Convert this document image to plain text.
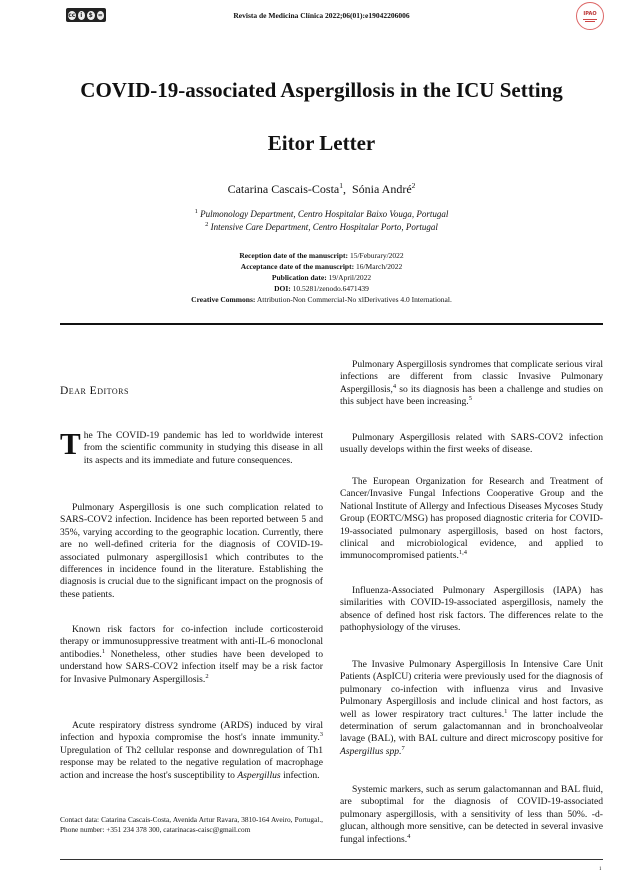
cc i	$ =	Revista de Medicina Clínica 2022;06(01):e19042206006	IPAO
COVID-19-associated Aspergillosis in the ICU Setting
Eitor Letter
Catarina Cascais-Costa$^1$,  Sónia André$^2$
$^1$ Pulmonology Department, Centro Hospitalar Baixo Vouga, Portugal
$^2$ Intensive Care Department, Centro Hospitalar Porto, Portugal
Reception date of the manuscript: 15/Feburary/2022
Acceptance date of the manuscript: 16/March/2022
Publication date: 19/April/2022
DOI: 10.5281/zenodo.6471439
Creative Commons: Attribution-Non Commercial-No xlDerivatives 4.0 International.
Dear Editors

The The COVID-19 pandemic has led to worldwide interest from the scientific community in studying this disease in all its aspects and its immediate and future consequences.

Pulmonary Aspergillosis is one such complication related to SARS-COV2 infection. Incidence has been reported between 5 and 35%, varying according to the geographic location. Currently, there are no well-defined criteria for the diagnosis of COVID-19-associated pulmonary aspergillosis1 which contributes to the differences in incidence found in the literature. Establishing the diagnosis is crucial due to the significant impact on the prognosis of these patients.

Known risk factors for co-infection include corticosteroid therapy or immunosuppressive treatment with anti-IL-6 monoclonal antibodies.$^1$ Nonetheless, other studies have been developed to understand how SARS-COV2 infection itself may be a risk factor for Invasive Pulmonary Aspergillosis.$^2$

Acute respiratory distress syndrome (ARDS) induced by viral infection and hypoxia compromise the host's innate immunity.$^3$ Upregulation of Th2 cellular response and downregulation of Th1 response may be related to the negative regulation of macrophage action and increase the host's susceptibility to Aspergillus infection.

Contact data: Catarina Cascais-Costa, Avenida Artur Ravara, 3810-164 Aveiro, Portugal., Phone number: +351 234 378 300, catarinacas-caisc@gmail.com

Pulmonary Aspergillosis syndromes that complicate serious viral infections are different from classic Invasive Pulmonary Aspergillosis,$^4$ so its diagnosis has been a challenge and studies on this subject have been increasing.$^5$

Pulmonary Aspergillosis related with SARS-COV2 infection usually develops within the first weeks of disease.

The European Organization for Research and Treatment of Cancer/Invasive Fungal Infections Cooperative Group and the National Institute of Allergy and Infectious Diseases Mycoses Study Group (EORTC/MSG) has proposed diagnostic criteria for COVID-19-associated pulmonary aspergillosis, based on host factors, clinical and microbiological evidence, and applied to immunocompromised patients.$^{1,4}$

Influenza-Associated Pulmonary Aspergillosis (IAPA) has similarities with COVID-19-associated aspergillosis, namely the absence of defined host risk factors. The differences relate to the pathophysiology of the viruses.

The Invasive Pulmonary Aspergillosis In Intensive Care Unit Patients (AspICU) criteria were previously used for the diagnosis of pulmonary co-infection with influenza virus and Invasive Pulmonary Aspergillosis and include clinical and host factors, as well as lower respiratory tract cultures.$^1$ The latter include the determination of serum galactomannan and in bronchoalveolar lavage (BAL), with BAL culture and direct microscopy positive for Aspergillus spp.$^7$

Systemic markers, such as serum galactomannan and BAL fluid, are suboptimal for the diagnosis of COVID-19-associated pulmonary aspergillosis, with a sensitivity of less than 50%. -d-glucan, although more sensitive, can be detected in several invasive fungal infections.$^4$

1
